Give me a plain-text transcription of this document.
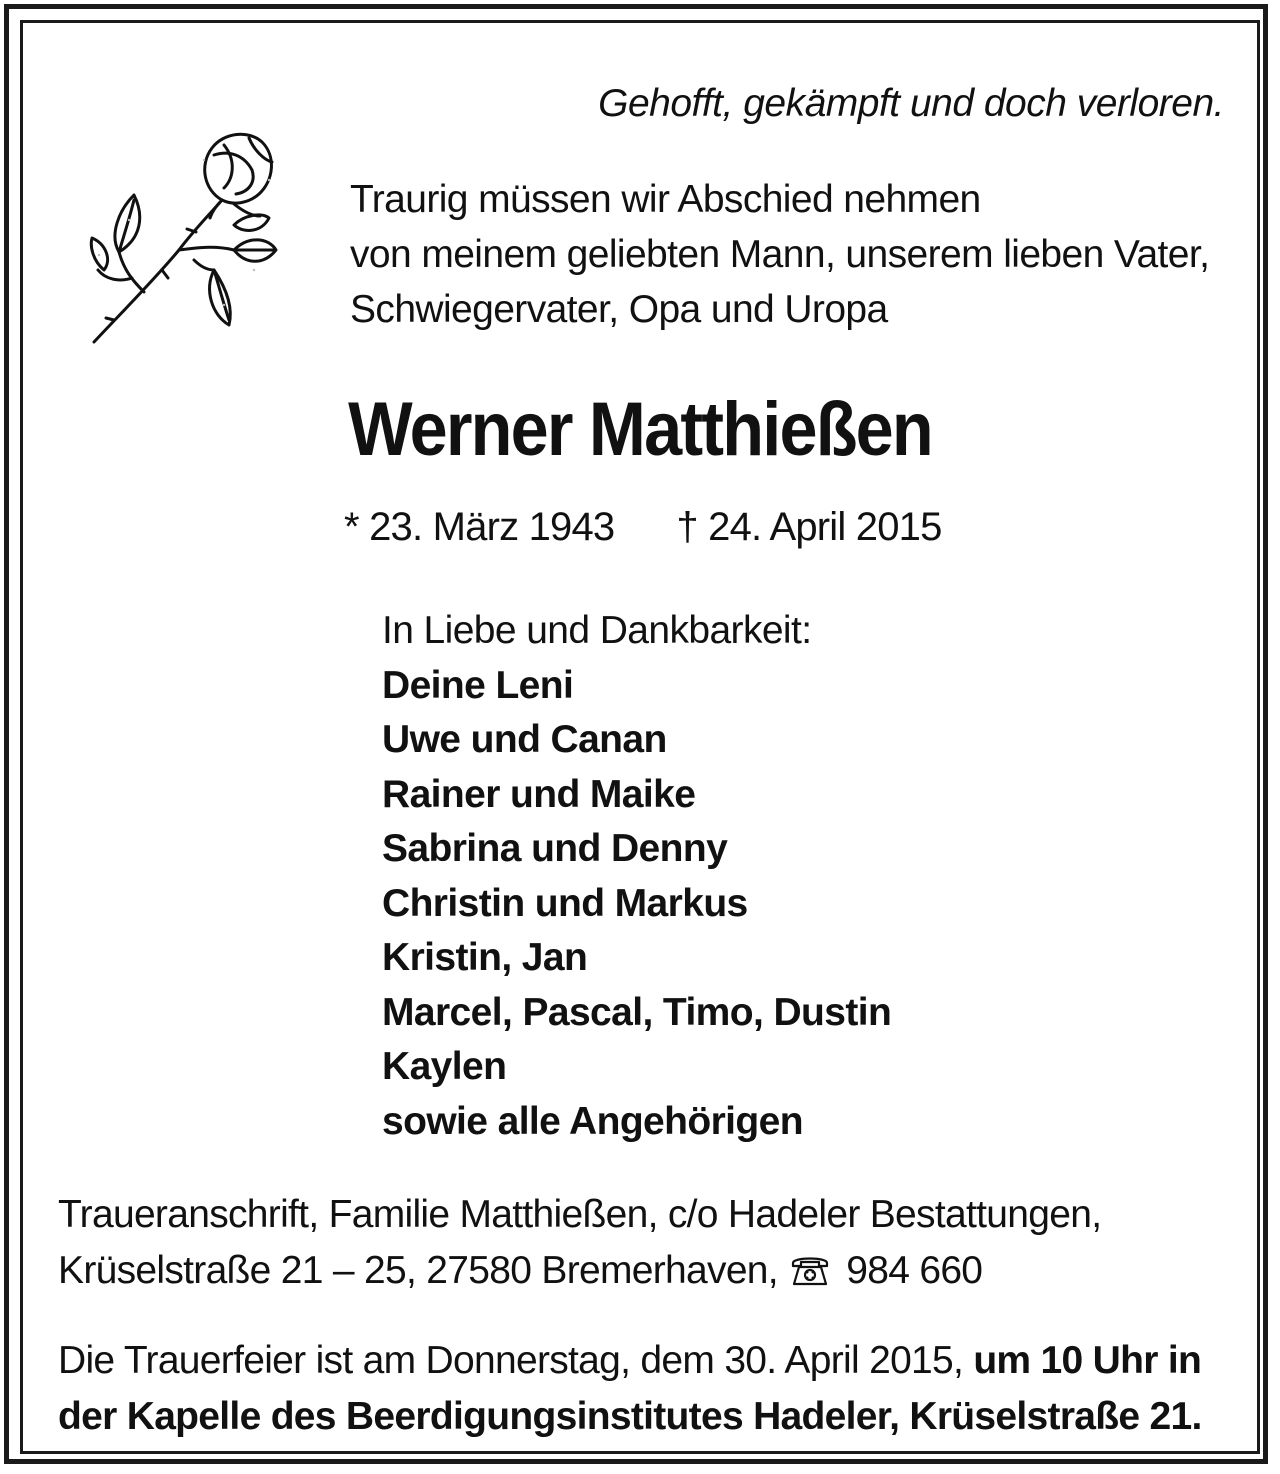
Gehofft, gekämpft und doch verloren.
Traurig müssen wir Abschied nehmen
von meinem geliebten Mann, unserem lieben Vater,
Schwiegervater, Opa und Uropa
Werner Matthießen
* 23. März 1943 † 24. April 2015
In Liebe und Dankbarkeit:
Deine Leni
Uwe und Canan
Rainer und Maike
Sabrina und Denny
Christin und Markus
Kristin, Jan
Marcel, Pascal, Timo, Dustin
Kaylen
sowie alle Angehörigen
Traueranschrift, Familie Matthießen, c/o Hadeler Bestattungen,
Krüselstraße 21 – 25, 27580 Bremerhaven, 984 660
Die Trauerfeier ist am Donnerstag, dem 30. April 2015, um 10 Uhr in
der Kapelle des Beerdigungsinstitutes Hadeler, Krüselstraße 21.
